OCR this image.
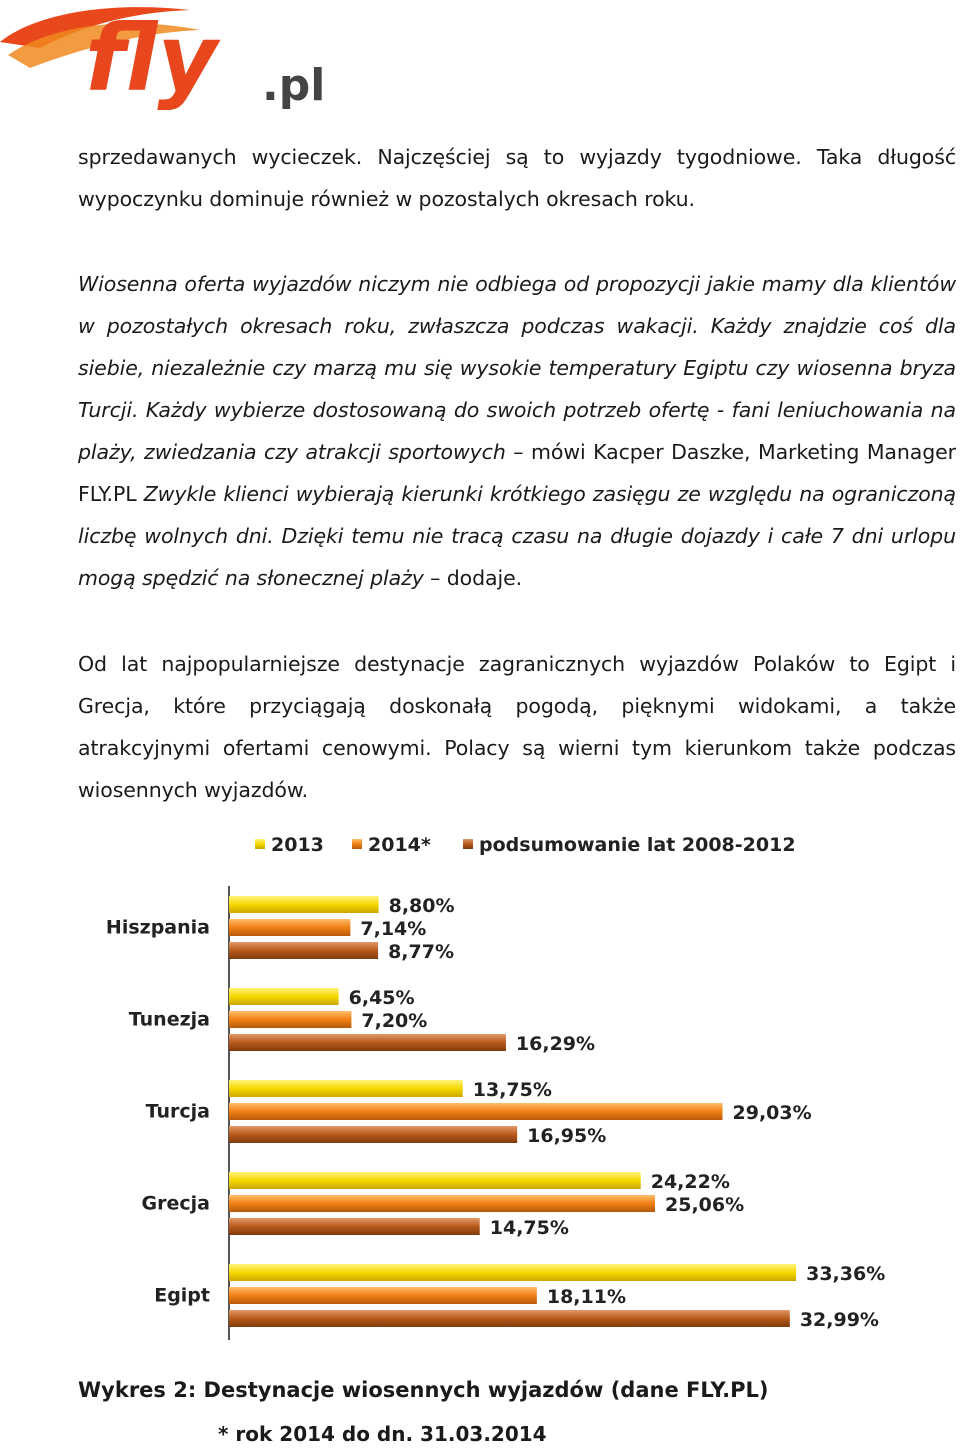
fly .pl

sprzedawanych wycieczek. Najczęściej są to wyjazdy tygodniowe. Taka długość wypoczynku dominuje również w pozostalych okresach roku.

Wiosenna oferta wyjazdów niczym nie odbiega od propozycji jakie mamy dla klientów w pozostałych okresach roku, zwłaszcza podczas wakacji. Każdy znajdzie coś dla siebie, niezależnie czy marzą mu się wysokie temperatury Egiptu czy wiosenna bryza Turcji. Każdy wybierze dostosowaną do swoich potrzeb ofertę - fani leniuchowania na plaży, zwiedzania czy atrakcji sportowych – mówi Kacper Daszke, Marketing Manager FLY.PL Zwykle klienci wybierają kierunki krótkiego zasięgu ze względu na ograniczoną liczbę wolnych dni. Dzięki temu nie tracą czasu na długie dojazdy i całe 7 dni urlopu mogą spędzić na słonecznej plaży – dodaje.

Od lat najpopularniejsze destynacje zagranicznych wyjazdów Polaków to Egipt i Grecja, które przyciągają doskonałą pogodą, pięknymi widokami, a także atrakcyjnymi ofertami cenowymi. Polacy są wierni tym kierunkom także podczas wiosennych wyjazdów.

2013 2014*	podsumowanie lat 2008-2012
Hiszpania
8,80%
7,14%
8,77%
Tunezja
6,45%
7,20%
16,29%
Turcja
13,75%
29,03%
16,95%
Grecja
24,22%
25,06%
14,75%
Egipt
33,36%
18,11%
32,99%
Wykres 2: Destynacje wiosennych wyjazdów (dane FLY.PL)
* rok 2014 do dn. 31.03.2014
